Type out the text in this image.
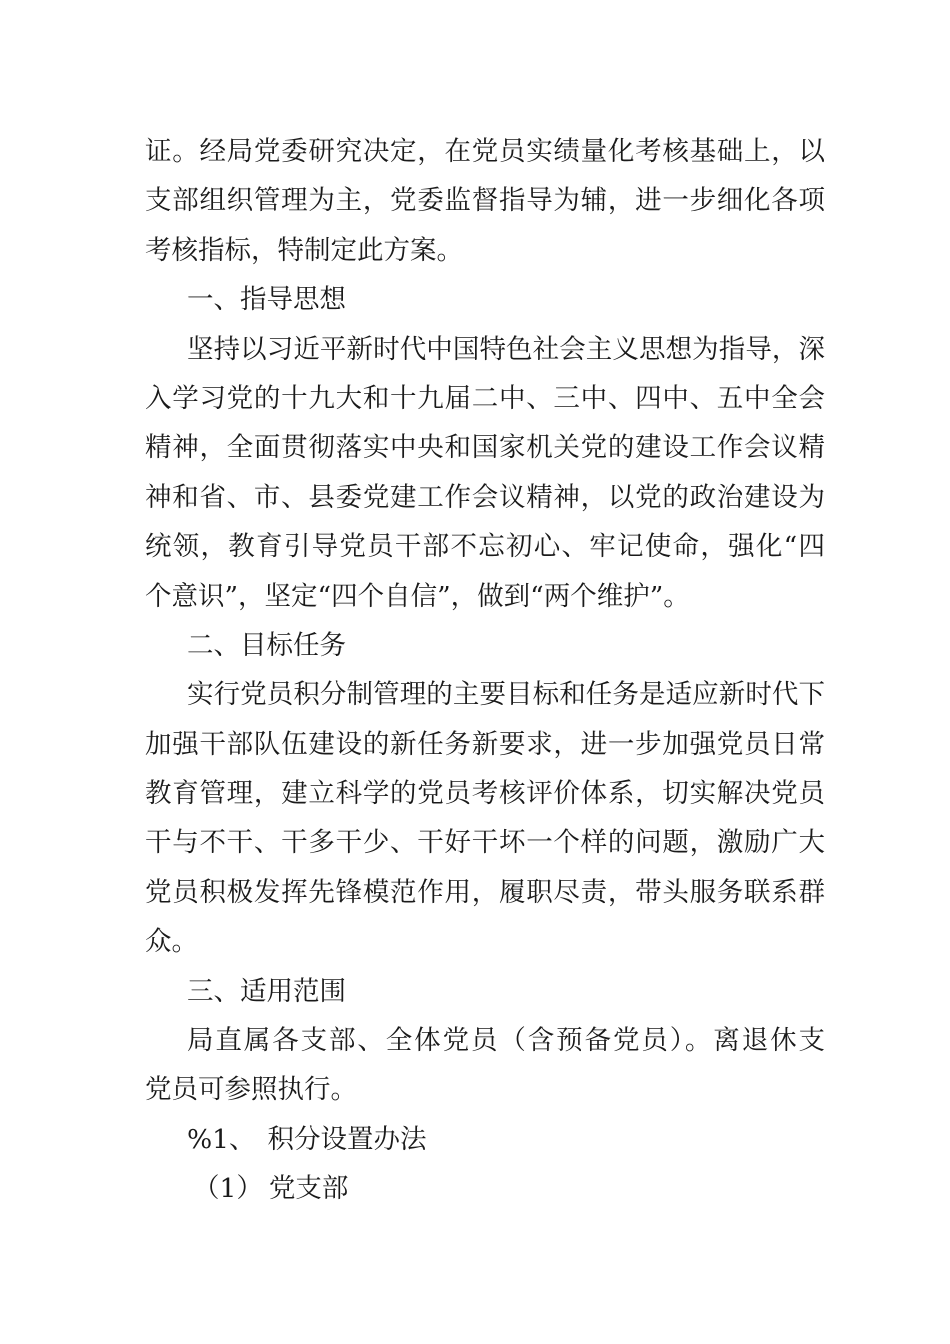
证。经局党委研究决定，在党员实绩量化考核基础上，以
支部组织管理为主，党委监督指导为辅，进一步细化各项
考核指标，特制定此方案。
一、指导思想
坚持以习近平新时代中国特色社会主义思想为指导，深
入学习党的十九大和十九届二中、三中、四中、五中全会
精神，全面贯彻落实中央和国家机关党的建设工作会议精
神和省、市、县委党建工作会议精神，以党的政治建设为
统领，教育引导党员干部不忘初心、牢记使命，强化“四
个意识”，坚定“四个自信”，做到“两个维护”。
二、目标任务
实行党员积分制管理的主要目标和任务是适应新时代下
加强干部队伍建设的新任务新要求，进一步加强党员日常
教育管理，建立科学的党员考核评价体系，切实解决党员
干与不干、干多干少、干好干坏一个样的问题，激励广大
党员积极发挥先锋模范作用，履职尽责，带头服务联系群
众。
三、适用范围
局直属各支部、全体党员（含预备党员）。离退休支
党员可参照执行。
%1、 积分设置办法
（1） 党支部
